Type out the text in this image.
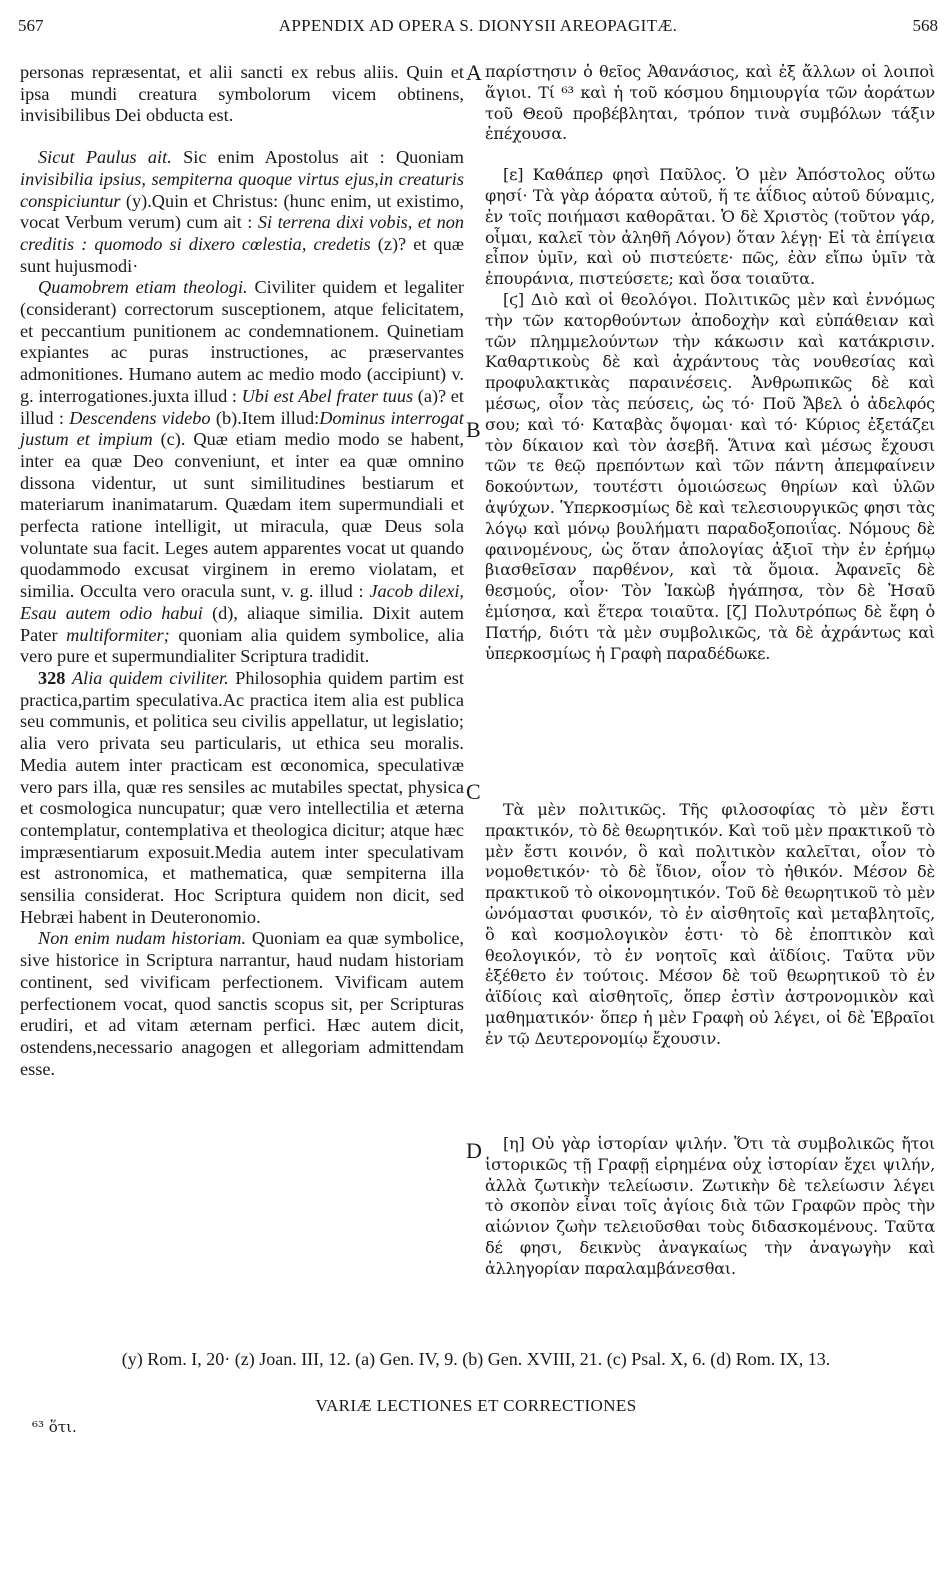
567	APPENDIX AD OPERA S. DIONYSII AREOPAGITÆ.	568

personas repræsentat, et alii sancti ex rebus aliis. Quin et ipsa mundi creatura symbolorum vicem obtinens, invisibilibus Dei obducta est.

Sicut Paulus ait. Sic enim Apostolus ait : Quoniam invisibilia ipsius, sempiterna quoque virtus ejus,in creaturis conspiciuntur (y).Quin et Christus: (hunc enim, ut existimo, vocat Verbum verum) cum ait : Si terrena dixi vobis, et non creditis : quomodo si dixero cœlestia, credetis (z)? et quæ sunt hujusmodi·

Quamobrem etiam theologi. Civiliter quidem et legaliter (considerant) correctorum susceptionem, atque felicitatem, et peccantium punitionem ac condemnationem. Quinetiam expiantes ac puras instructiones, ac præservantes admonitiones. Humano autem ac medio modo (accipiunt) v. g. interrogationes.juxta illud : Ubi est Abel frater tuus (a)? et illud : Descendens videbo (b).Item illud:Dominus interrogat justum et impium (c). Quæ etiam medio modo se habent, inter ea quæ Deo conveniunt, et inter ea quæ omnino dissona videntur, ut sunt similitudines bestiarum et materiarum inanimatarum. Quædam item supermundiali et perfecta ratione intelligit, ut miracula, quæ Deus sola voluntate sua facit. Leges autem apparentes vocat ut quando quodammodo excusat virginem in eremo violatam, et similia. Occulta vero oracula sunt, v. g. illud : Jacob dilexi, Esau autem odio habui (d), aliaque similia. Dixit autem Pater multiformiter; quoniam alia quidem symbolice, alia vero pure et supermundialiter Scriptura tradidit.

328 Alia quidem civiliter. Philosophia quidem partim est practica,partim speculativa.Ac practica item alia est publica seu communis, et politica seu civilis appellatur, ut legislatio; alia vero privata seu particularis, ut ethica seu moralis. Media autem inter practicam est œconomica, speculativæ vero pars illa, quæ res sensiles ac mutabiles spectat, physica et cosmologica nuncupatur; quæ vero intellectilia et æterna contemplatur, contemplativa et theologica dicitur; atque hæc impræsentiarum exposuit.Media autem inter speculativam est astronomica, et mathematica, quæ sempiterna illa sensilia considerat. Hoc Scriptura quidem non dicit, sed Hebræi habent in Deuteronomio.

Non enim nudam historiam. Quoniam ea quæ symbolice, sive historice in Scriptura narrantur, haud nudam historiam continent, sed vivificam perfectionem. Vivificam autem perfectionem vocat, quod sanctis scopus sit, per Scripturas erudiri, et ad vitam æternam perfici. Hæc autem dicit, ostendens,necessario anagogen et allegoriam admittendam esse.

A
B
C
D

παρίστησιν ὁ θεῖος Ἀθανάσιος, καὶ ἐξ ἄλλων οἱ λοιποὶ ἅγιοι. Τί ⁶³ καὶ ἡ τοῦ κόσμου δημιουργία τῶν ἀοράτων τοῦ Θεοῦ προβέβληται, τρόπον τινὰ συμβόλων τάξιν ἐπέχουσα.

[ε] Καθάπερ φησὶ Παῦλος. Ὁ μὲν Ἀπόστολος οὕτω φησί· Τὰ γὰρ ἀόρατα αὐτοῦ, ἥ τε ἀΐδιος αὐτοῦ δύναμις, ἐν τοῖς ποιήμασι καθορᾶται. Ὁ δὲ Χριστὸς (τοῦτον γάρ, οἶμαι, καλεῖ τὸν ἀληθῆ Λόγον) ὅταν λέγῃ· Εἰ τὰ ἐπίγεια εἶπον ὑμῖν, καὶ οὐ πιστεύετε· πῶς, ἐὰν εἴπω ὑμῖν τὰ ἐπουράνια, πιστεύσετε; καὶ ὅσα τοιαῦτα.

[ϛ] Διὸ καὶ οἱ θεολόγοι. Πολιτικῶς μὲν καὶ ἐννόμως τὴν τῶν κατορθούντων ἀποδοχὴν καὶ εὐπάθειαν καὶ τῶν πλημμελούντων τὴν κάκωσιν καὶ κατάκρισιν. Καθαρτικοὺς δὲ καὶ ἀχράντους τὰς νουθεσίας καὶ προφυλακτικὰς παραινέσεις. Ἀνθρωπικῶς δὲ καὶ μέσως, οἷον τὰς πεύσεις, ὡς τό· Ποῦ Ἄβελ ὁ ἀδελφός σου; καὶ τό· Καταβὰς ὄψομαι· καὶ τό· Κύριος ἐξετάζει τὸν δίκαιον καὶ τὸν ἀσεβῆ. Ἅτινα καὶ μέσως ἔχουσι τῶν τε θεῷ πρεπόντων καὶ τῶν πάντη ἀπεμφαίνειν δοκούντων, τουτέστι ὁμοιώσεως θηρίων καὶ ὑλῶν ἀψύχων. Ὑπερκοσμίως δὲ καὶ τελεσιουργικῶς φησι τὰς λόγῳ καὶ μόνῳ βουλήματι παραδοξοποιΐας. Νόμους δὲ φαινομένους, ὡς ὅταν ἀπολογίας ἀξιοῖ τὴν ἐν ἐρήμῳ βιασθεῖσαν παρθένον, καὶ τὰ ὅμοια. Ἀφανεῖς δὲ θεσμούς, οἷον· Τὸν Ἰακὼβ ἠγάπησα, τὸν δὲ Ἠσαῦ ἐμίσησα, καὶ ἕτερα τοιαῦτα. [ζ] Πολυτρόπως δὲ ἔφη ὁ Πατήρ, διότι τὰ μὲν συμβολικῶς, τὰ δὲ ἀχράντως καὶ ὑπερκοσμίως ἡ Γραφὴ παραδέδωκε.

Τὰ μὲν πολιτικῶς. Τῆς φιλοσοφίας τὸ μὲν ἔστι πρακτικόν, τὸ δὲ θεωρητικόν. Καὶ τοῦ μὲν πρακτικοῦ τὸ μὲν ἔστι κοινόν, ὃ καὶ πολιτικὸν καλεῖται, οἷον τὸ νομοθετικόν· τὸ δὲ ἴδιον, οἷον τὸ ἠθικόν. Μέσον δὲ πρακτικοῦ τὸ οἰκονομητικόν. Τοῦ δὲ θεωρητικοῦ τὸ μὲν ὠνόμασται φυσικόν, τὸ ἐν αἰσθητοῖς καὶ μεταβλητοῖς, ὃ καὶ κοσμολογικὸν ἐστι· τὸ δὲ ἐποπτικὸν καὶ θεολογικόν, τὸ ἐν νοητοῖς καὶ ἀϊδίοις. Ταῦτα νῦν ἐξέθετο ἐν τούτοις. Μέσον δὲ τοῦ θεωρητικοῦ τὸ ἐν ἀϊδίοις καὶ αἰσθητοῖς, ὅπερ ἐστὶν ἀστρονομικὸν καὶ μαθηματικόν· ὅπερ ἡ μὲν Γραφὴ οὐ λέγει, οἱ δὲ Ἑβραῖοι ἐν τῷ Δευτερονομίῳ ἔχουσιν.

[η] Οὐ γὰρ ἱστορίαν ψιλήν. Ὅτι τὰ συμβολικῶς ἤτοι ἱστορικῶς τῇ Γραφῇ εἰρημένα οὐχ ἱστορίαν ἔχει ψιλήν, ἀλλὰ ζωτικὴν τελείωσιν. Ζωτικὴν δὲ τελείωσιν λέγει τὸ σκοπὸν εἶναι τοῖς ἁγίοις διὰ τῶν Γραφῶν πρὸς τὴν αἰώνιον ζωὴν τελειοῦσθαι τοὺς διδασκομένους. Ταῦτα δέ φησι, δεικνὺς ἀναγκαίως τὴν ἀναγωγὴν καὶ ἀλληγορίαν παραλαμβάνεσθαι.

(y) Rom. I, 20· (z) Joan. III, 12. (a) Gen. IV, 9. (b) Gen. XVIII, 21. (c) Psal. X, 6. (d) Rom. IX, 13.
VARIÆ LECTIONES ET CORRECTIONES
⁶³ ὅτι.
